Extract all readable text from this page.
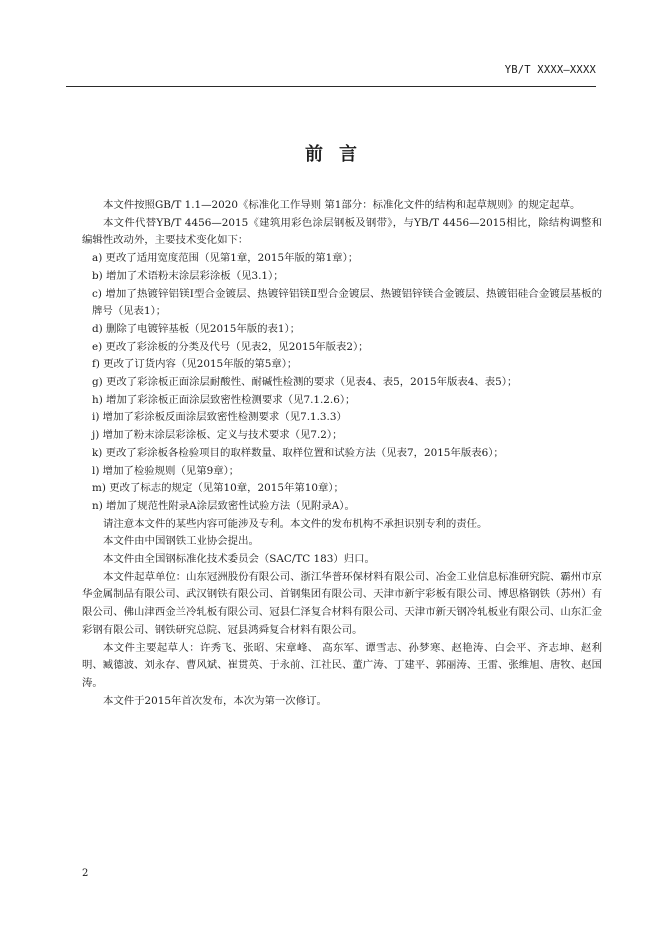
YB/T XXXX—XXXX
前言

本文件按照GB/T 1.1—2020《标准化工作导则 第1部分：标准化文件的结构和起草规则》的规定起草。

本文件代替YB/T 4456—2015《建筑用彩色涂层钢板及钢带》，与YB/T 4456—2015相比，除结构调整和编辑性改动外，主要技术变化如下：

a) 更改了适用宽度范围（见第1章，2015年版的第1章）；

b) 增加了术语粉末涂层彩涂板（见3.1）；

c) 增加了热镀锌铝镁Ⅰ型合金镀层、热镀锌铝镁Ⅱ型合金镀层、热镀铝锌镁合金镀层、热镀铝硅合金镀层基板的牌号（见表1）；

d) 删除了电镀锌基板（见2015年版的表1）；

e) 更改了彩涂板的分类及代号（见表2，见2015年版表2）；

f) 更改了订货内容（见2015年版的第5章）；

g) 更改了彩涂板正面涂层耐酸性、耐碱性检测的要求（见表4、表5，2015年版表4、表5）；

h) 增加了彩涂板正面涂层致密性检测要求（见7.1.2.6）；

i) 增加了彩涂板反面涂层致密性检测要求（见7.1.3.3）

j) 增加了粉末涂层彩涂板、定义与技术要求（见7.2）；

k) 更改了彩涂板各检验项目的取样数量、取样位置和试验方法（见表7，2015年版表6）；

l) 增加了检验规则（见第9章）；

m) 更改了标志的规定（见第10章，2015年第10章）；

n) 增加了规范性附录A涂层致密性试验方法（见附录A）。

请注意本文件的某些内容可能涉及专利。本文件的发布机构不承担识别专利的责任。

本文件由中国钢铁工业协会提出。

本文件由全国钢标准化技术委员会（SAC/TC 183）归口。

本文件起草单位：山东冠洲股份有限公司、浙江华普环保材料有限公司、冶金工业信息标准研究院、霸州市京华金属制品有限公司、武汉钢铁有限公司、首钢集团有限公司、天津市新宇彩板有限公司、博思格钢铁（苏州）有限公司、佛山津西金兰冷轧板有限公司、冠县仁泽复合材料有限公司、天津市新天钢冷轧板业有限公司、山东汇金彩钢有限公司、钢铁研究总院、冠县鸿舜复合材料有限公司。

本文件主要起草人：许秀飞、张昭、宋章峰、 高东军、谭雪志、孙梦寒、赵艳涛、白会平、齐志坤、赵利明、臧德波、刘永存、曹风斌、崔贯英、于永前、江社民、董广涛、丁建平、郭丽涛、王雷、张维旭、唐牧、赵国涛。

本文件于2015年首次发布，本次为第一次修订。

2
